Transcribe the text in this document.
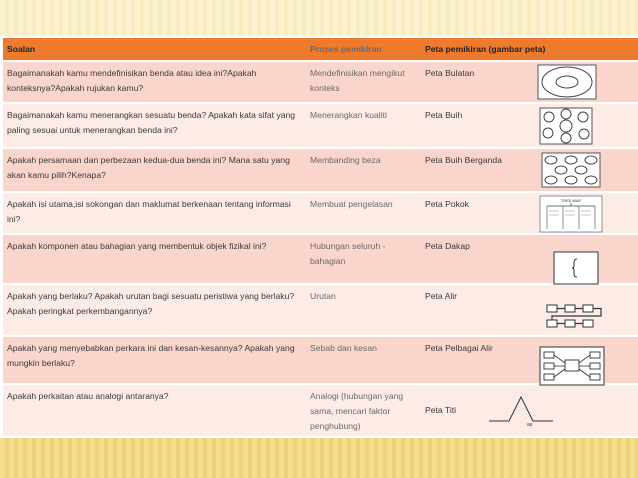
Soalan	Proses pemikiran	Peta pemikiran (gambar peta)
Bagaimanakah kamu mendefinisikan benda atau idea ini?Apakah konteksnya?Apakah rujukan kamu?	Mendefinisikan mengikut konteks	Peta Bulatan

Bagaimanakah kamu menerangkan sesuatu benda? Apakah kata sifat yang paling sesuai untuk menerangkan benda ini?	Menerangkan kualiti	Peta Buih

Apakah persamaan dan perbezaan kedua-dua benda ini? Mana satu yang akan kamu pilih?Kenapa?	Membanding beza	Peta Buih Berganda

Apakah isi utama,isi sokongan dan maklumat berkenaan tentang informasi ini?	Membuat pengelasan	Peta Pokok TREE MAP

Apakah komponen atau bahagian yang membentuk objek fizikal ini?	Hubungan seluruh - bahagian	Peta Dakap

Apakah yang berlaku? Apakah urutan bagi sesuatu peristiwa yang berlaku?Apakah peringkat perkembangannya?	Urutan	Peta Alir

Apakah yang menyebabkan perkara ini dan kesan-kesannya? Apakah yang mungkin berlaku?	Sebab dan kesan	Peta Pelbagai Alir

Apakah perkaitan atau analogi antaranya?	Analogi (hubungan yang sama, mencari faktor penghubung)	Peta Titi
as
